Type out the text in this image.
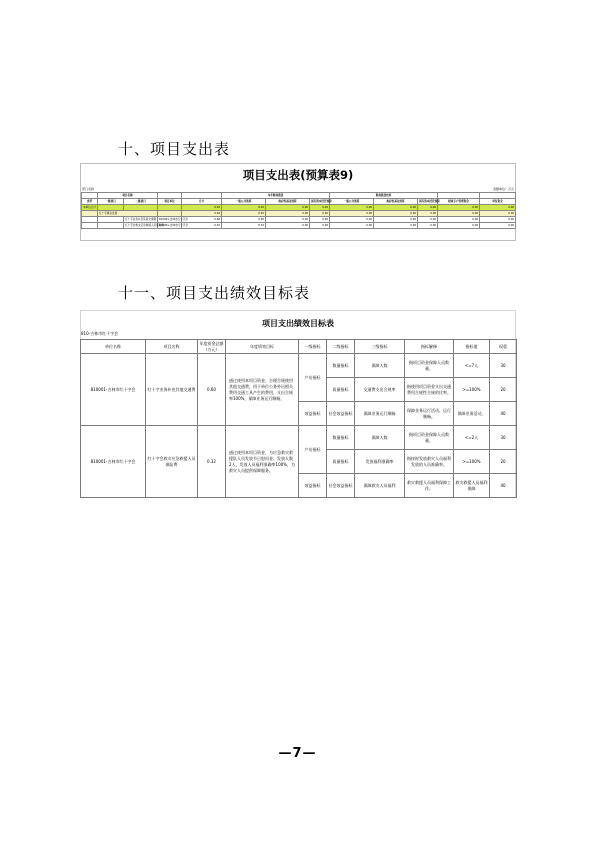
十、项目支出表
项目支出表(预算表9)
部门名称	金额单位：万元
	项目名称				本年财政拨款			财政拨款结转				
类型	一级项目	二级项目	项目单位	合计	一般公共预算	政府性基金预算	国有资本经营预算	一般公共预算	政府性基金预算	国有资本经营预算	财政专户管理资金	单位资金
本单位合计				0.92	0.92	0.00	0.00	0.00	0.00	0.00	0.00	0.00
	红十字事业发展			0.92	0.92	0.00	0.00	0.00	0.00	0.00	0.00	0.00
		红十字业务补充其他交通费	810001-吉林市红十字会	0.60	0.60	0.00	0.00	0.00	0.00	0.00	0.00	0.00
		红十字会救灾应急救援人员保险费	810001-吉林市红十字会	0.32	0.32	0.00	0.00	0.00	0.00	0.00	0.00	0.00
十一、项目支出绩效目标表
项目支出绩效目标表
810-吉林市红十字会
单位名称	项目名称	年度资金总额（万元）	年度绩效目标	一级指标	二级指标	三级指标	指标解释	指标值	权重
810001-吉林市红十字会	红十字业务补充其他交通费	0.60	通过使用本项目资金，合理合规使用其他交通费，用于单位公务外出相关费用交通工具产生的费用，支出合规率100%，保障业务运行顺畅。	产出指标	数量指标	保障人数	指项目资金保障人员数量。	<=7人	30
					质量指标	交通费支出合规率	指使用项目资金支出交通费用合规性合规的比率。	>=100%	20
				效益指标	社会效益指标	保障业务运行顺畅	保障业务运行活动、运行顺畅。	保障业务活动。	40
810001-吉林市红十字会	红十字会救灾应急救援人员保险费	0.32	通过使用本项目资金，为应急救灾救援队人员发放节日慰问金、发放人数2人，发放人员福利准确率100%，为救灾人员提供保障服务。	产出指标	数量指标	保障人数	指项目资金保障人员数量。	<=2人	30
					质量指标	发放福利准确率	指按时发放救灾人员福利发放的人员准确率。	>=100%	20
				效益指标	社会效益指标	保障救灾人员福利	救灾救援人员福利保障工作。	救灾救援人员福利保障	40
—7—
